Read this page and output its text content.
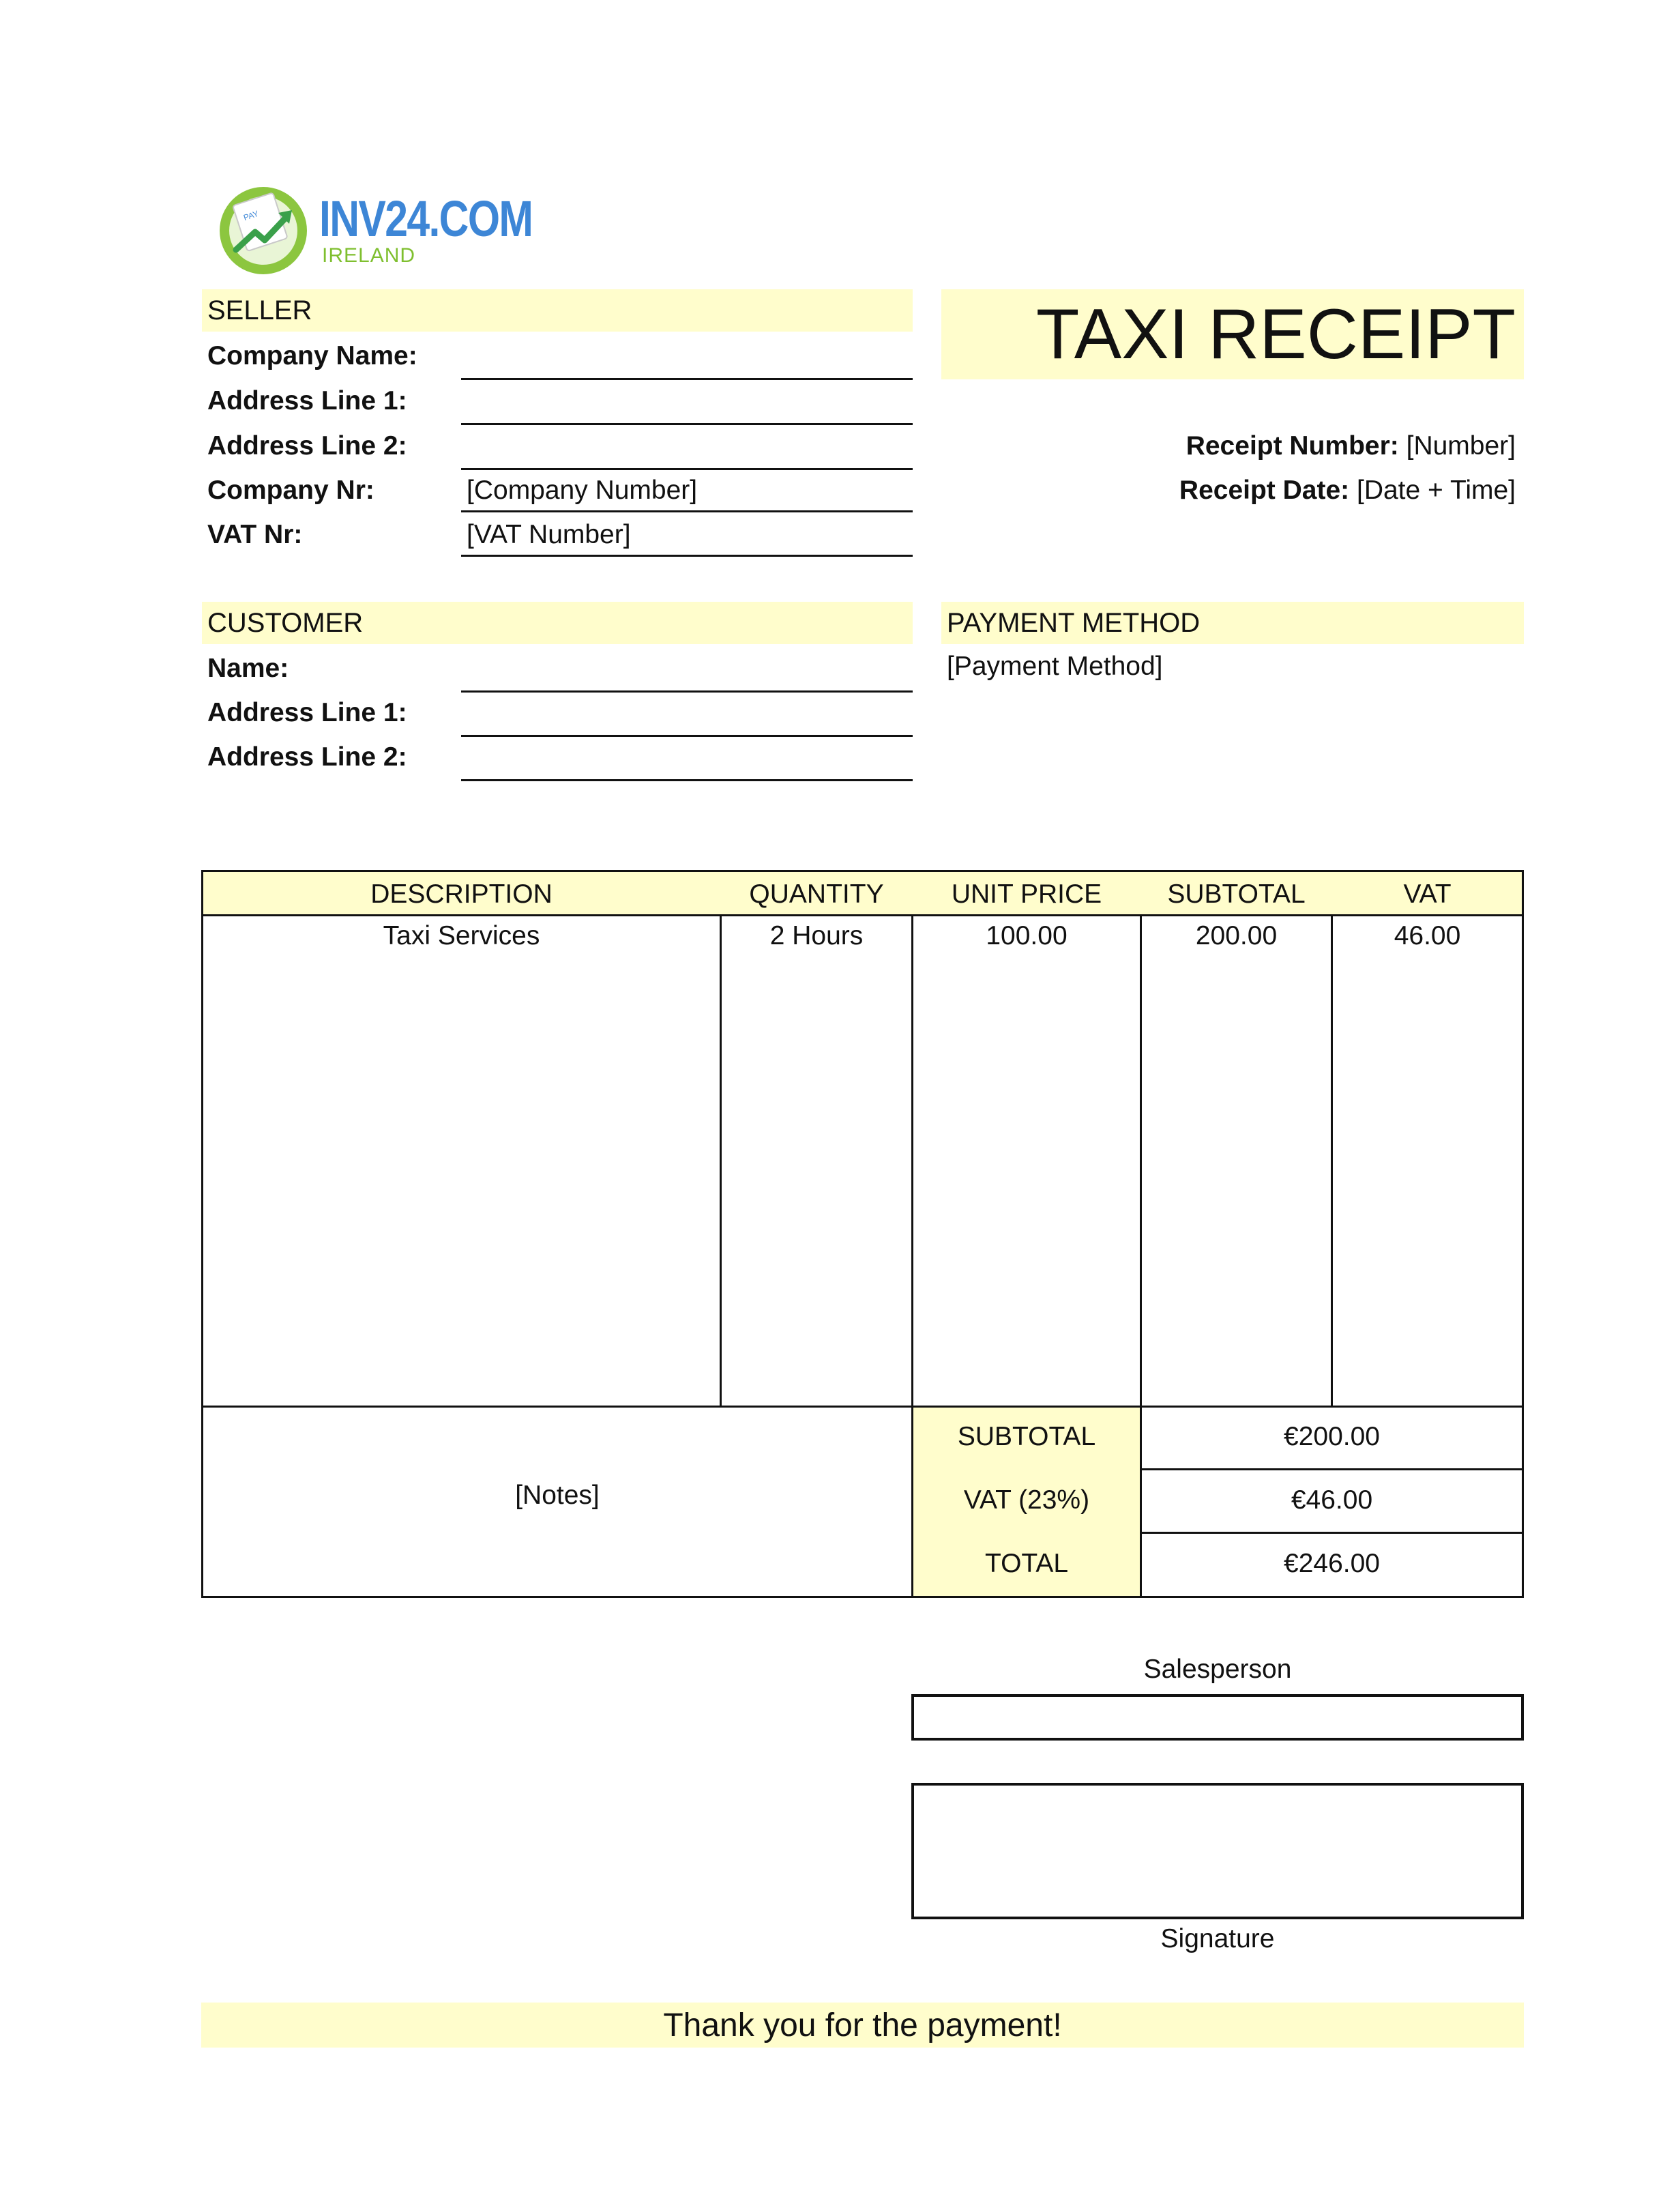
PAY INV24.COM
IRELAND
SELLER
Company Name:
Address Line 1:
Address Line 2:
Company Nr:	[Company Number]
VAT Nr:	[VAT Number]
TAXI RECEIPT
Receipt Number: [Number]
Receipt Date: [Date + Time]
CUSTOMER
Name:
Address Line 1:
Address Line 2:
PAYMENT METHOD
[Payment Method]
DESCRIPTION	QUANTITY	UNIT PRICE	SUBTOTAL	VAT
Taxi Services	2 Hours	100.00	200.00	46.00
[Notes]
SUBTOTAL	€200.00
VAT (23%)	€46.00
TOTAL	€246.00
Salesperson
Signature
Thank you for the payment!
